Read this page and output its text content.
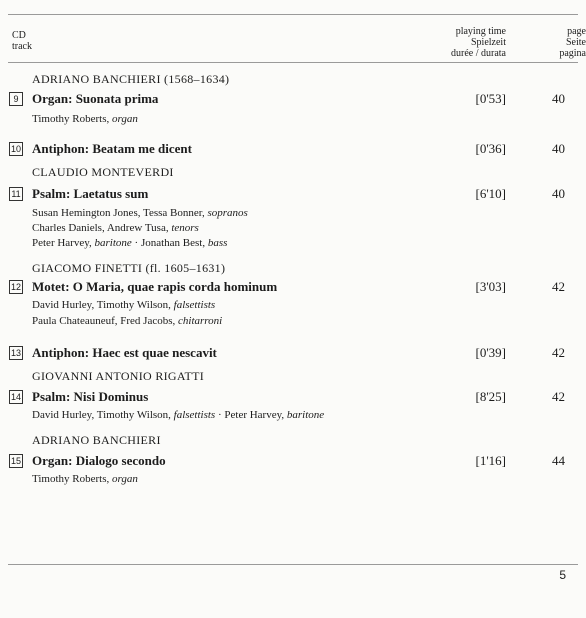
CD
track
playing time
Spielzeit
durée / durata
page
Seite
pagina
ADRIANO BANCHIERI (1568–1634)
9	Organ: Suonata prima	[0'53]	40
Timothy Roberts, organ
10 Antiphon: Beatam me dicent	[0'36]	40
CLAUDIO MONTEVERDI
11 Psalm: Laetatus sum	[6'10]	40
Susan Hemington Jones, Tessa Bonner, sopranos
Charles Daniels, Andrew Tusa, tenors
Peter Harvey, baritone · Jonathan Best, bass
GIACOMO FINETTI (fl. 1605–1631)
12 Motet: O Maria, quae rapis corda hominum	[3'03]	42
David Hurley, Timothy Wilson, falsettists
Paula Chateauneuf, Fred Jacobs, chitarroni
13 Antiphon: Haec est quae nescavit	[0'39]	42
GIOVANNI ANTONIO RIGATTI
14 Psalm: Nisi Dominus	[8'25]	42
David Hurley, Timothy Wilson, falsettists · Peter Harvey, baritone
ADRIANO BANCHIERI
15 Organ: Dialogo secondo	[1'16]	44
Timothy Roberts, organ
5
